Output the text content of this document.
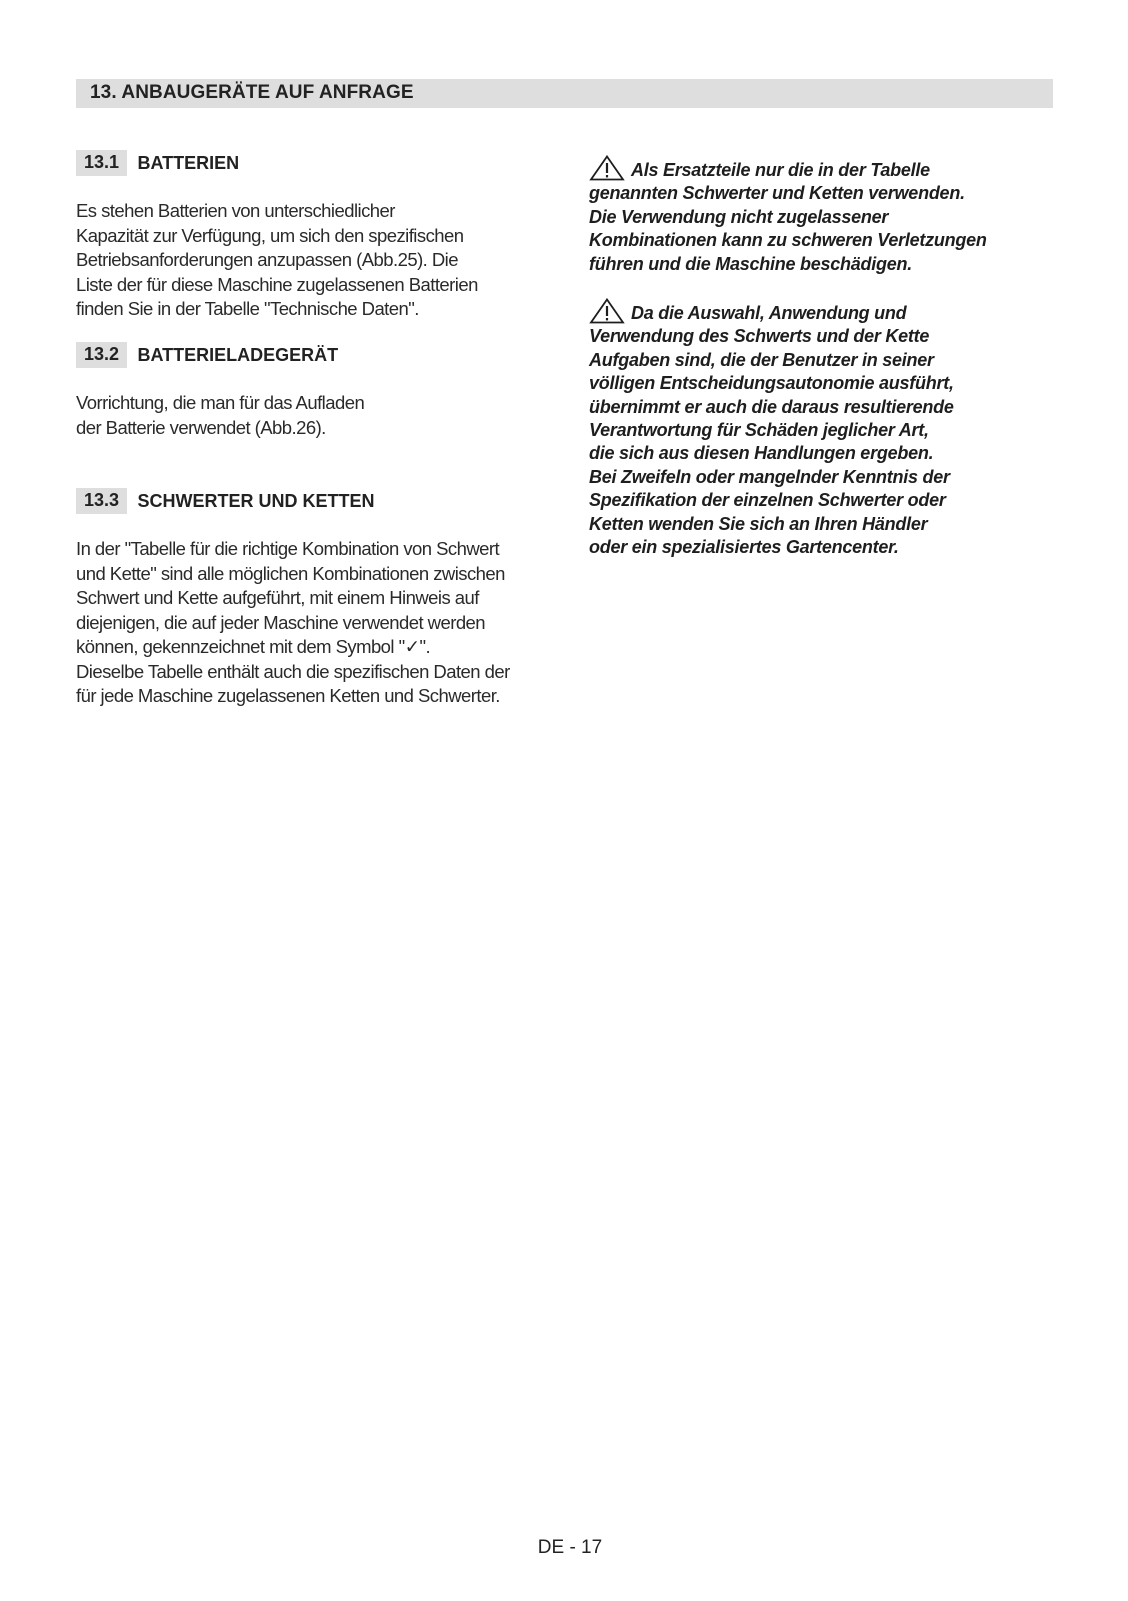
13. ANBAUGERÄTE AUF ANFRAGE
13.1 BATTERIEN
Es stehen Batterien von unterschiedlicher
Kapazität zur Verfügung, um sich den spezifischen
Betriebsanforderungen anzupassen (Abb.25). Die
Liste der für diese Maschine zugelassenen Batterien
finden Sie in der Tabelle "Technische Daten".
13.2 BATTERIELADEGERÄT
Vorrichtung, die man für das Aufladen
der Batterie verwendet (Abb.26).
13.3 SCHWERTER UND KETTEN
In der "Tabelle für die richtige Kombination von Schwert
und Kette" sind alle möglichen Kombinationen zwischen
Schwert und Kette aufgeführt, mit einem Hinweis auf
diejenigen, die auf jeder Maschine verwendet werden
können, gekennzeichnet mit dem Symbol "✓".
Dieselbe Tabelle enthält auch die spezifischen Daten der
für jede Maschine zugelassenen Ketten und Schwerter.
Als Ersatzteile nur die in der Tabelle
genannten Schwerter und Ketten verwenden.
Die Verwendung nicht zugelassener
Kombinationen kann zu schweren Verletzungen
führen und die Maschine beschädigen.
Da die Auswahl, Anwendung und
Verwendung des Schwerts und der Kette
Aufgaben sind, die der Benutzer in seiner
völligen Entscheidungsautonomie ausführt,
übernimmt er auch die daraus resultierende
Verantwortung für Schäden jeglicher Art,
die sich aus diesen Handlungen ergeben.
Bei Zweifeln oder mangelnder Kenntnis der
Spezifikation der einzelnen Schwerter oder
Ketten wenden Sie sich an Ihren Händler
oder ein spezialisiertes Gartencenter.
DE - 17
